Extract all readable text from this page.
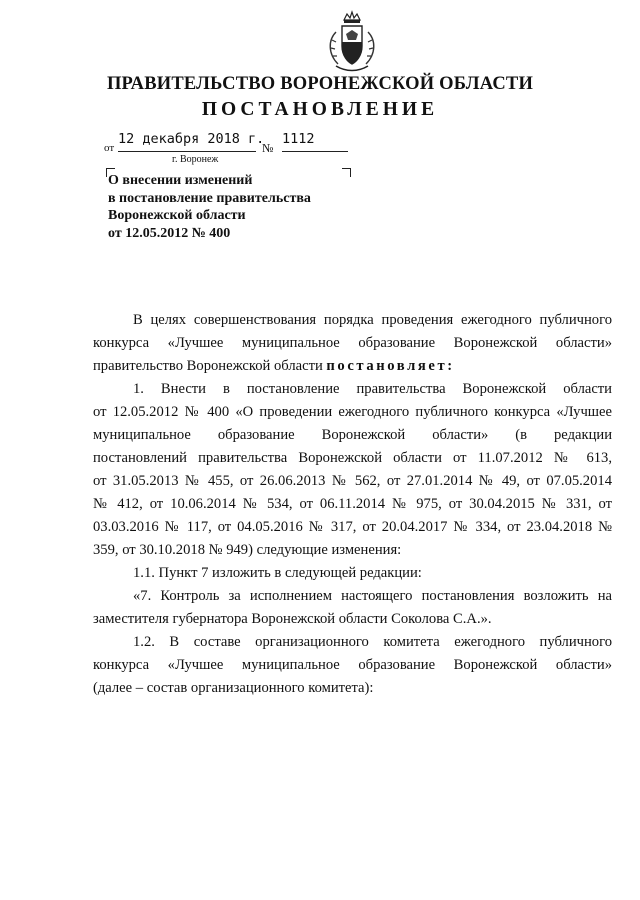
ПРАВИТЕЛЬСТВО ВОРОНЕЖСКОЙ ОБЛАСТИ
ПОСТАНОВЛЕНИЕ
от
12 декабря 2018 г.
№
1112
г. Воронеж
О внесении изменений
в постановление правительства
Воронежской области
от 12.05.2012 № 400

В целях совершенствования порядка проведения ежегодного публичного

конкурса «Лучшее муниципальное образование Воронежской области»

правительство Воронежской области постановляет:

1. Внести в постановление правительства Воронежской области

от 12.05.2012 № 400 «О проведении ежегодного публичного конкурса «Лучшее

муниципальное образование Воронежской области» (в редакции

постановлений правительства Воронежской области от 11.07.2012 № 613,

от 31.05.2013 № 455, от 26.06.2013 № 562, от 27.01.2014 № 49, от 07.05.2014

№ 412, от 10.06.2014 № 534, от 06.11.2014 № 975, от 30.04.2015 № 331, от

03.03.2016 № 117, от 04.05.2016 № 317, от 20.04.2017 № 334, от 23.04.2018 №

359, от 30.10.2018 № 949) следующие изменения:

1.1. Пункт 7 изложить в следующей редакции:

«7. Контроль за исполнением настоящего постановления возложить на

заместителя губернатора Воронежской области Соколова С.А.».

1.2. В составе организационного комитета ежегодного публичного

конкурса «Лучшее муниципальное образование Воронежской области»

(далее – состав организационного комитета):
